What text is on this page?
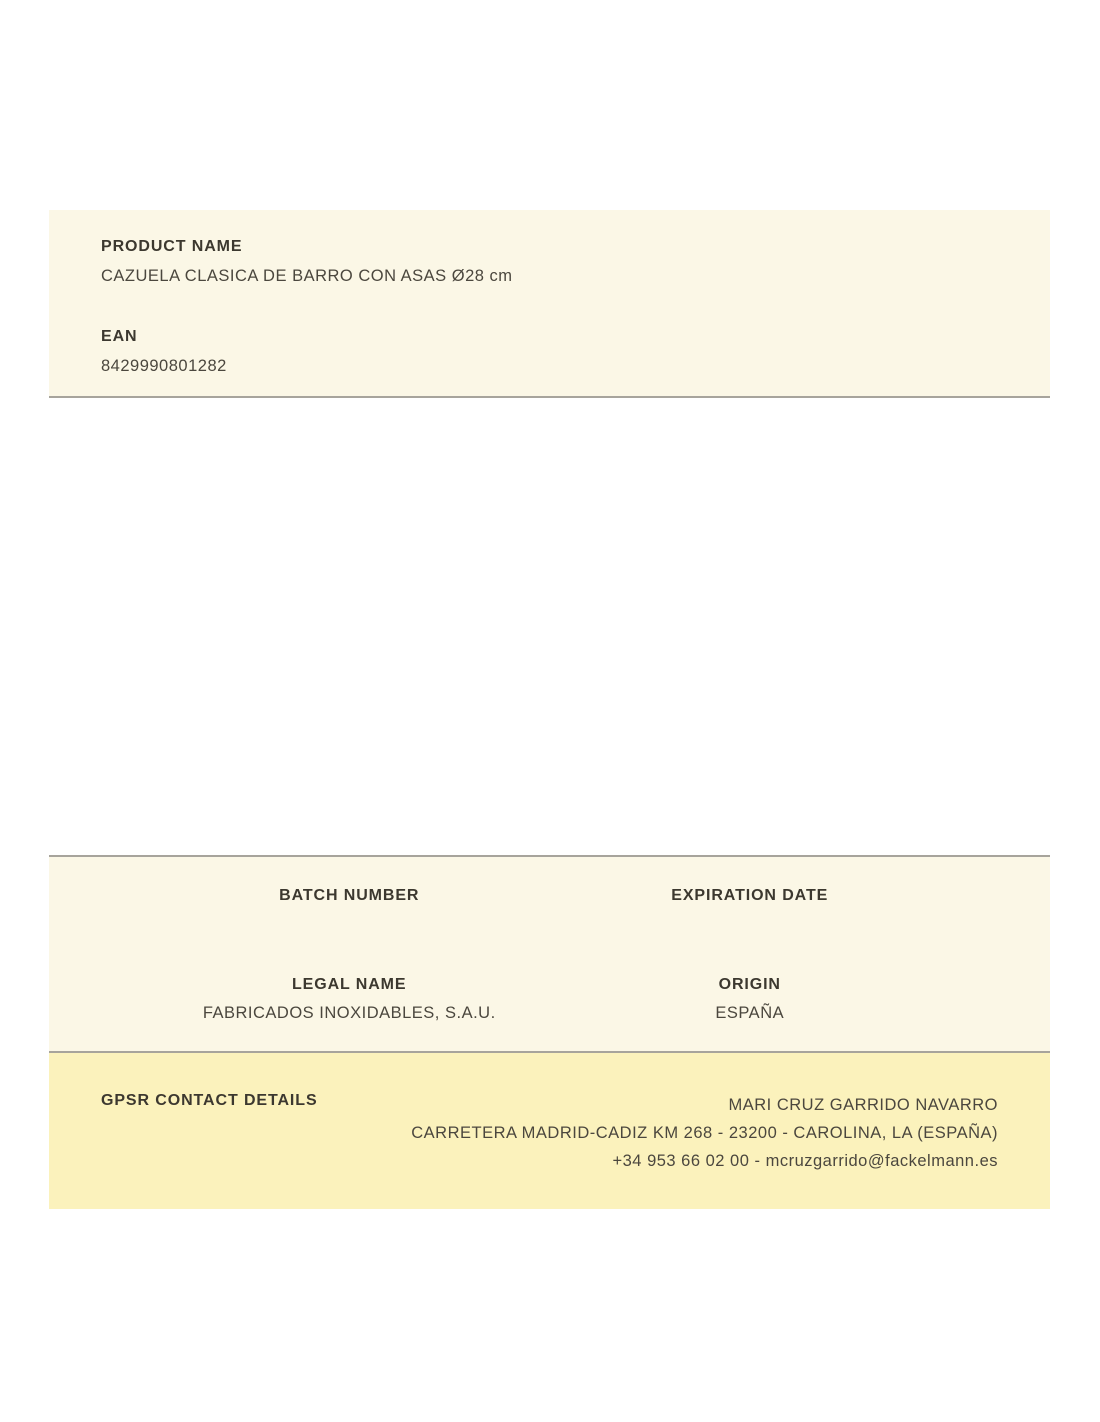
PRODUCT NAME
CAZUELA CLASICA DE BARRO CON ASAS Ø28 cm
EAN
8429990801282
BATCH NUMBER	EXPIRATION DATE
LEGAL NAME
FABRICADOS INOXIDABLES, S.A.U.
ORIGIN
ESPAÑA
GPSR CONTACT DETAILS	MARI CRUZ GARRIDO NAVARRO
CARRETERA MADRID-CADIZ KM 268 - 23200 - CAROLINA, LA (ESPAÑA)
+34 953 66 02 00 - mcruzgarrido@fackelmann.es
